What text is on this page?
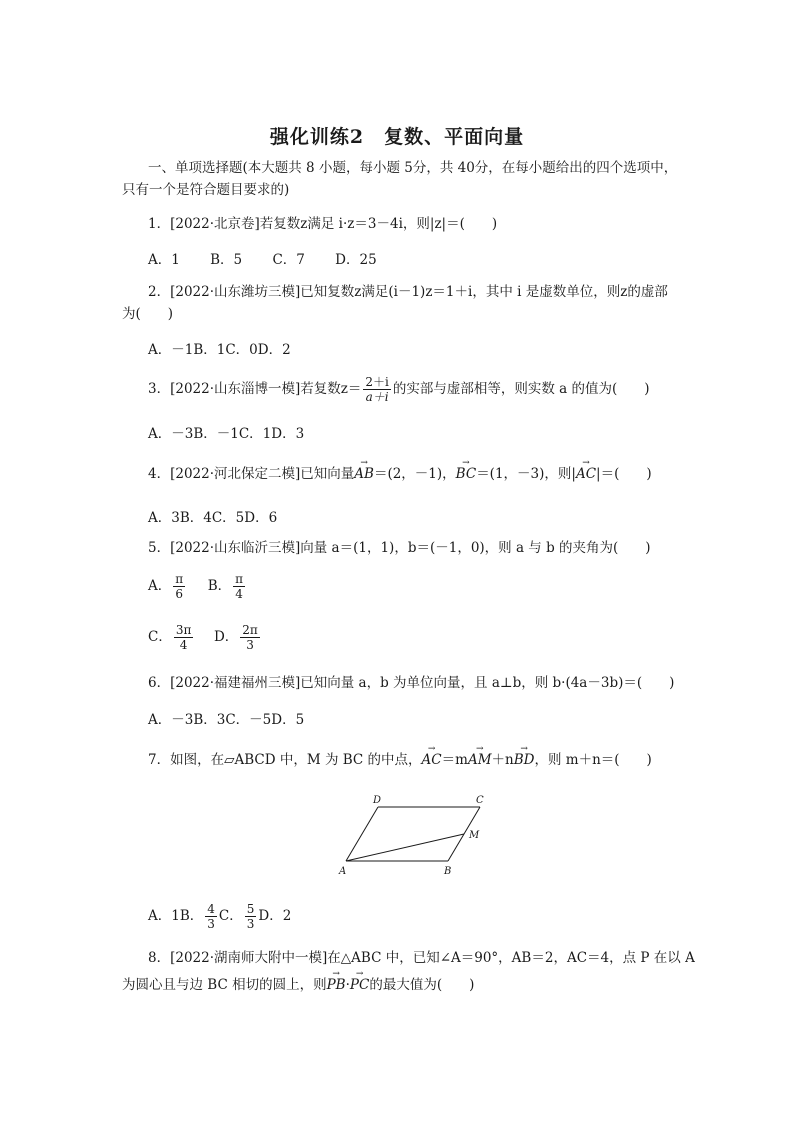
强化训练2　复数、平面向量
一、单项选择题(本大题共 8 小题，每小题 5分，共 40分，在每小题给出的四个选项中，
只有一个是符合题目要求的)
1．[2022·北京卷]若复数z满足 i·z＝3－4i，则|z|＝(　　)
A．1 B．5 C．7 D．25
2．[2022·山东潍坊三模]已知复数z满足(i－1)z＝1＋i，其中 i 是虚数单位，则z的虚部
为(　　)
A．－1B．1C．0D．2
3．[2022·山东淄博一模]若复数$z= \frac{2+i}{a+i}$ 的实部与虚部相等，则实数 a 的值为(　　)
A．－3B．－1C．1D．3
4．[2022·河北保定二模]已知向量→ AB＝(2，－1)，→ BC＝(1，－3)，则|→ AC|＝(　　)
A．3B．4C．5D．6
5．[2022·山东临沂三模]向量 a＝(1，1)，b＝(－1，0)，则 a 与 b 的夹角为(　　)
A． $\frac{\pi}{6}$ B． $\frac{\pi}{4}$
C． $\frac{3\pi}{4}$ D． $\frac{2\pi}{3}$
6．[2022·福建福州三模]已知向量 a，b 为单位向量，且 a⊥b，则 b·(4a－3b)＝(　　)
A．－3B．3C．－5D．5
7．如图，在▱ABCD 中，M 为 BC 的中点，→ AC＝m→ AM＋n→ BD，则 m＋n＝(　　)
A	B
C
D
M
A．1B． $\frac{4}{3}$ C． $\frac{5}{3}$ D．2
8．[2022·湖南师大附中一模]在△ABC 中，已知∠A＝90°，AB＝2，AC＝4，点 P 在以 A
为圆心且与边 BC 相切的圆上，则→ PB·→ PC的最大值为(　　)
